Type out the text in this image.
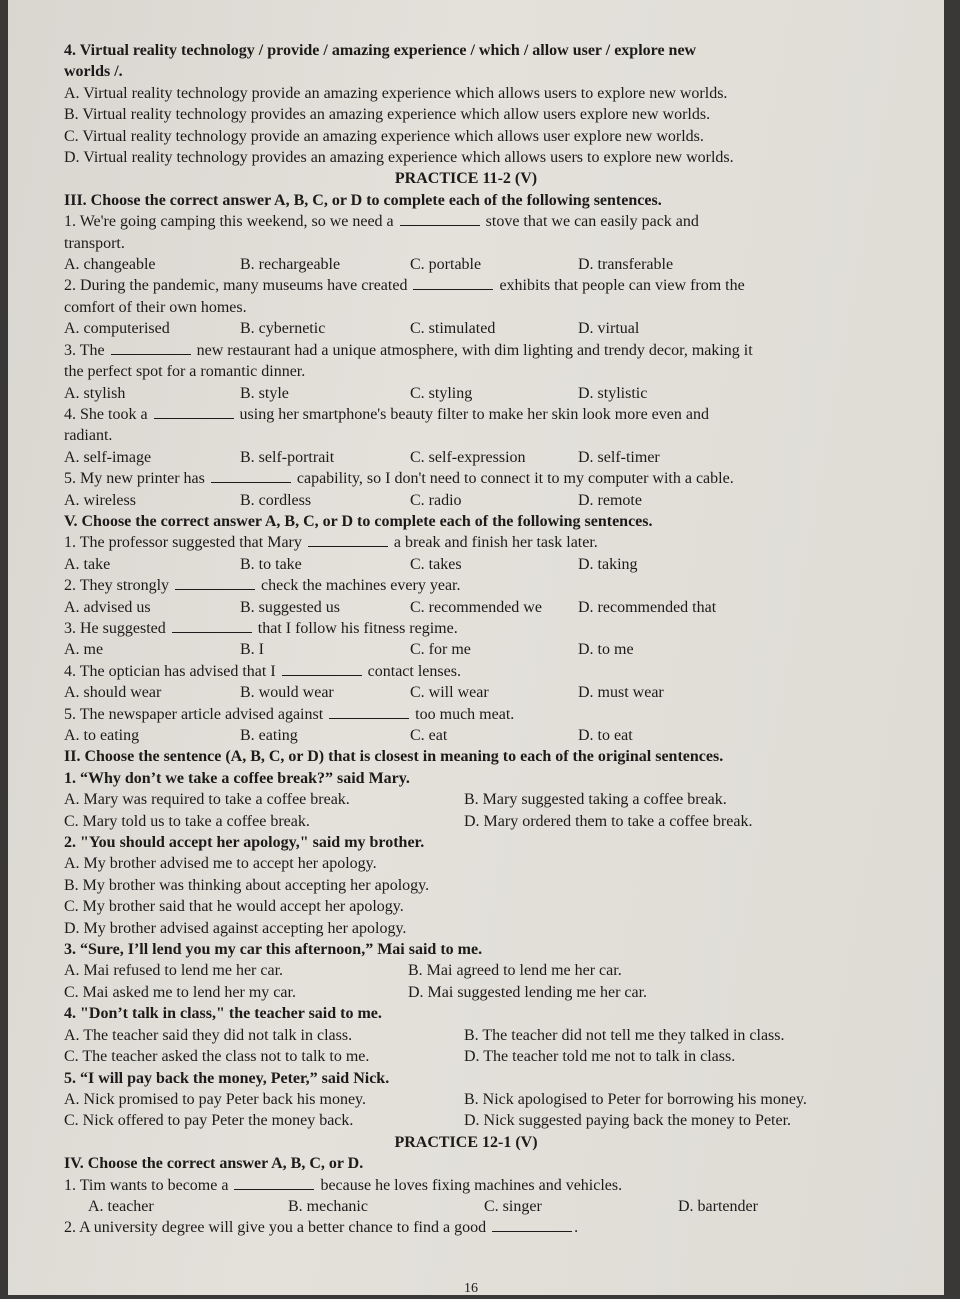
4. Virtual reality technology / provide / amazing experience / which / allow user / explore new
worlds /.
A. Virtual reality technology provide an amazing experience which allows users to explore new worlds.
B. Virtual reality technology provides an amazing experience which allow users explore new worlds.
C. Virtual reality technology provide an amazing experience which allows user explore new worlds.
D. Virtual reality technology provides an amazing experience which allows users to explore new worlds.
PRACTICE 11-2 (V)
III. Choose the correct answer A, B, C, or D to complete each of the following sentences.
1. We're going camping this weekend, so we need a	stove that we can easily pack and
transport.
A. changeable	B. rechargeable	C. portable	D. transferable
2. During the pandemic, many museums have created	exhibits that people can view from the
comfort of their own homes.
A. computerised	B. cybernetic	C. stimulated	D. virtual
3. The	new restaurant had a unique atmosphere, with dim lighting and trendy decor, making it
the perfect spot for a romantic dinner.
A. stylish	B. style	C. styling	D. stylistic
4. She took a	using her smartphone's beauty filter to make her skin look more even and
radiant.
A. self-image	B. self-portrait	C. self-expression	D. self-timer
5. My new printer has	capability, so I don't need to connect it to my computer with a cable.
A. wireless	B. cordless	C. radio	D. remote
V. Choose the correct answer A, B, C, or D to complete each of the following sentences.
1. The professor suggested that Mary	a break and finish her task later.
A. take	B. to take	C. takes	D. taking
2. They strongly	check the machines every year.
A. advised us	B. suggested us	C. recommended we	D. recommended that
3. He suggested	that I follow his fitness regime.
A. me	B. I	C. for me	D. to me
4. The optician has advised that I	contact lenses.
A. should wear	B. would wear	C. will wear	D. must wear
5. The newspaper article advised against	too much meat.
A. to eating	B. eating	C. eat	D. to eat
II. Choose the sentence (A, B, C, or D) that is closest in meaning to each of the original sentences.
1. “Why don’t we take a coffee break?” said Mary.
A. Mary was required to take a coffee break.	B. Mary suggested taking a coffee break.
C. Mary told us to take a coffee break.	D. Mary ordered them to take a coffee break.
2. "You should accept her apology," said my brother.
A. My brother advised me to accept her apology.
B. My brother was thinking about accepting her apology.
C. My brother said that he would accept her apology.
D. My brother advised against accepting her apology.
3. “Sure, I’ll lend you my car this afternoon,” Mai said to me.
A. Mai refused to lend me her car.	B. Mai agreed to lend me her car.
C. Mai asked me to lend her my car.	D. Mai suggested lending me her car.
4. "Don’t talk in class," the teacher said to me.
A. The teacher said they did not talk in class.	B. The teacher did not tell me they talked in class.
C. The teacher asked the class not to talk to me.	D. The teacher told me not to talk in class.
5. “I will pay back the money, Peter,” said Nick.
A. Nick promised to pay Peter back his money.	B. Nick apologised to Peter for borrowing his money.
C. Nick offered to pay Peter the money back.	D. Nick suggested paying back the money to Peter.
PRACTICE 12-1 (V)
IV. Choose the correct answer A, B, C, or D.
1. Tim wants to become a	because he loves fixing machines and vehicles.
A. teacher	B. mechanic	C. singer	D. bartender
2. A university degree will give you a better chance to find a good	.
16
